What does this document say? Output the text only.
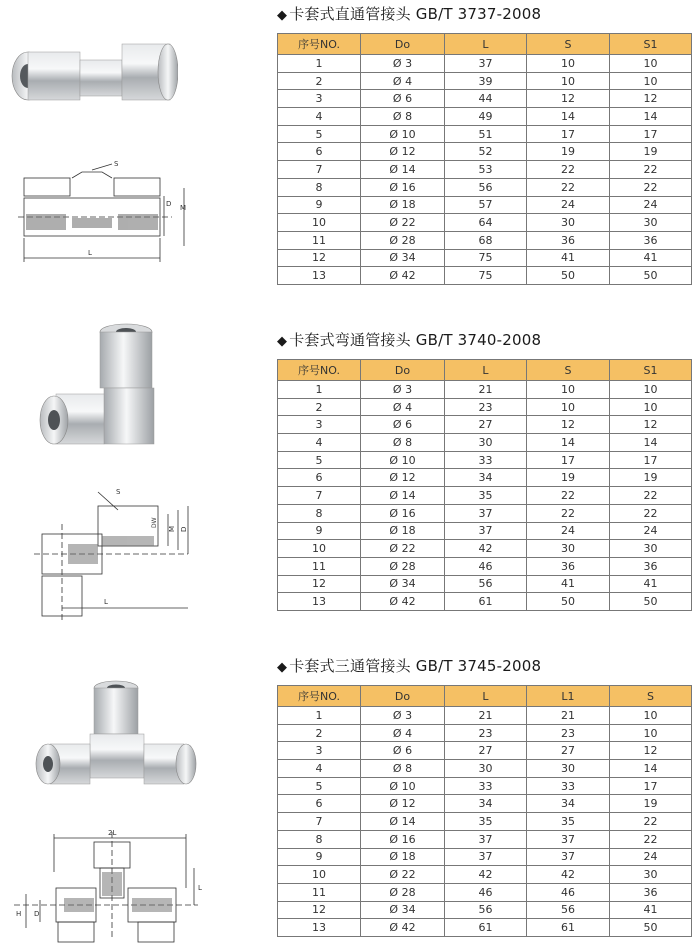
◆ 卡套式直通管接头 GB/T 3737-2008
S
D M
L
序号NO.	Do	L	S	S1
1	Ø 3	37	10	10
2	Ø 4	39	10	10
3	Ø 6	44	12	12
4	Ø 8	49	14	14
5	Ø 10	51	17	17
6	Ø 12	52	19	19
7	Ø 14	53	22	22
8	Ø 16	56	22	22
9	Ø 18	57	24	24
10	Ø 22	64	30	30
11	Ø 28	68	36	36
12	Ø 34	75	41	41
13	Ø 42	75	50	50
◆ 卡套式弯通管接头 GB/T 3740-2008
S
DW
M D
L
序号NO.	Do	L	S	S1
1	Ø 3	21	10	10
2	Ø 4	23	10	10
3	Ø 6	27	12	12
4	Ø 8	30	14	14
5	Ø 10	33	17	17
6	Ø 12	34	19	19
7	Ø 14	35	22	22
8	Ø 16	37	22	22
9	Ø 18	37	24	24
10	Ø 22	42	30	30
11	Ø 28	46	36	36
12	Ø 34	56	41	41
13	Ø 42	61	50	50
◆ 卡套式三通管接头 GB/T 3745-2008
2L
L
H D
序号NO.	Do	L	L1	S
1	Ø 3	21	21	10
2	Ø 4	23	23	10
3	Ø 6	27	27	12
4	Ø 8	30	30	14
5	Ø 10	33	33	17
6	Ø 12	34	34	19
7	Ø 14	35	35	22
8	Ø 16	37	37	22
9	Ø 18	37	37	24
10	Ø 22	42	42	30
11	Ø 28	46	46	36
12	Ø 34	56	56	41
13	Ø 42	61	61	50
